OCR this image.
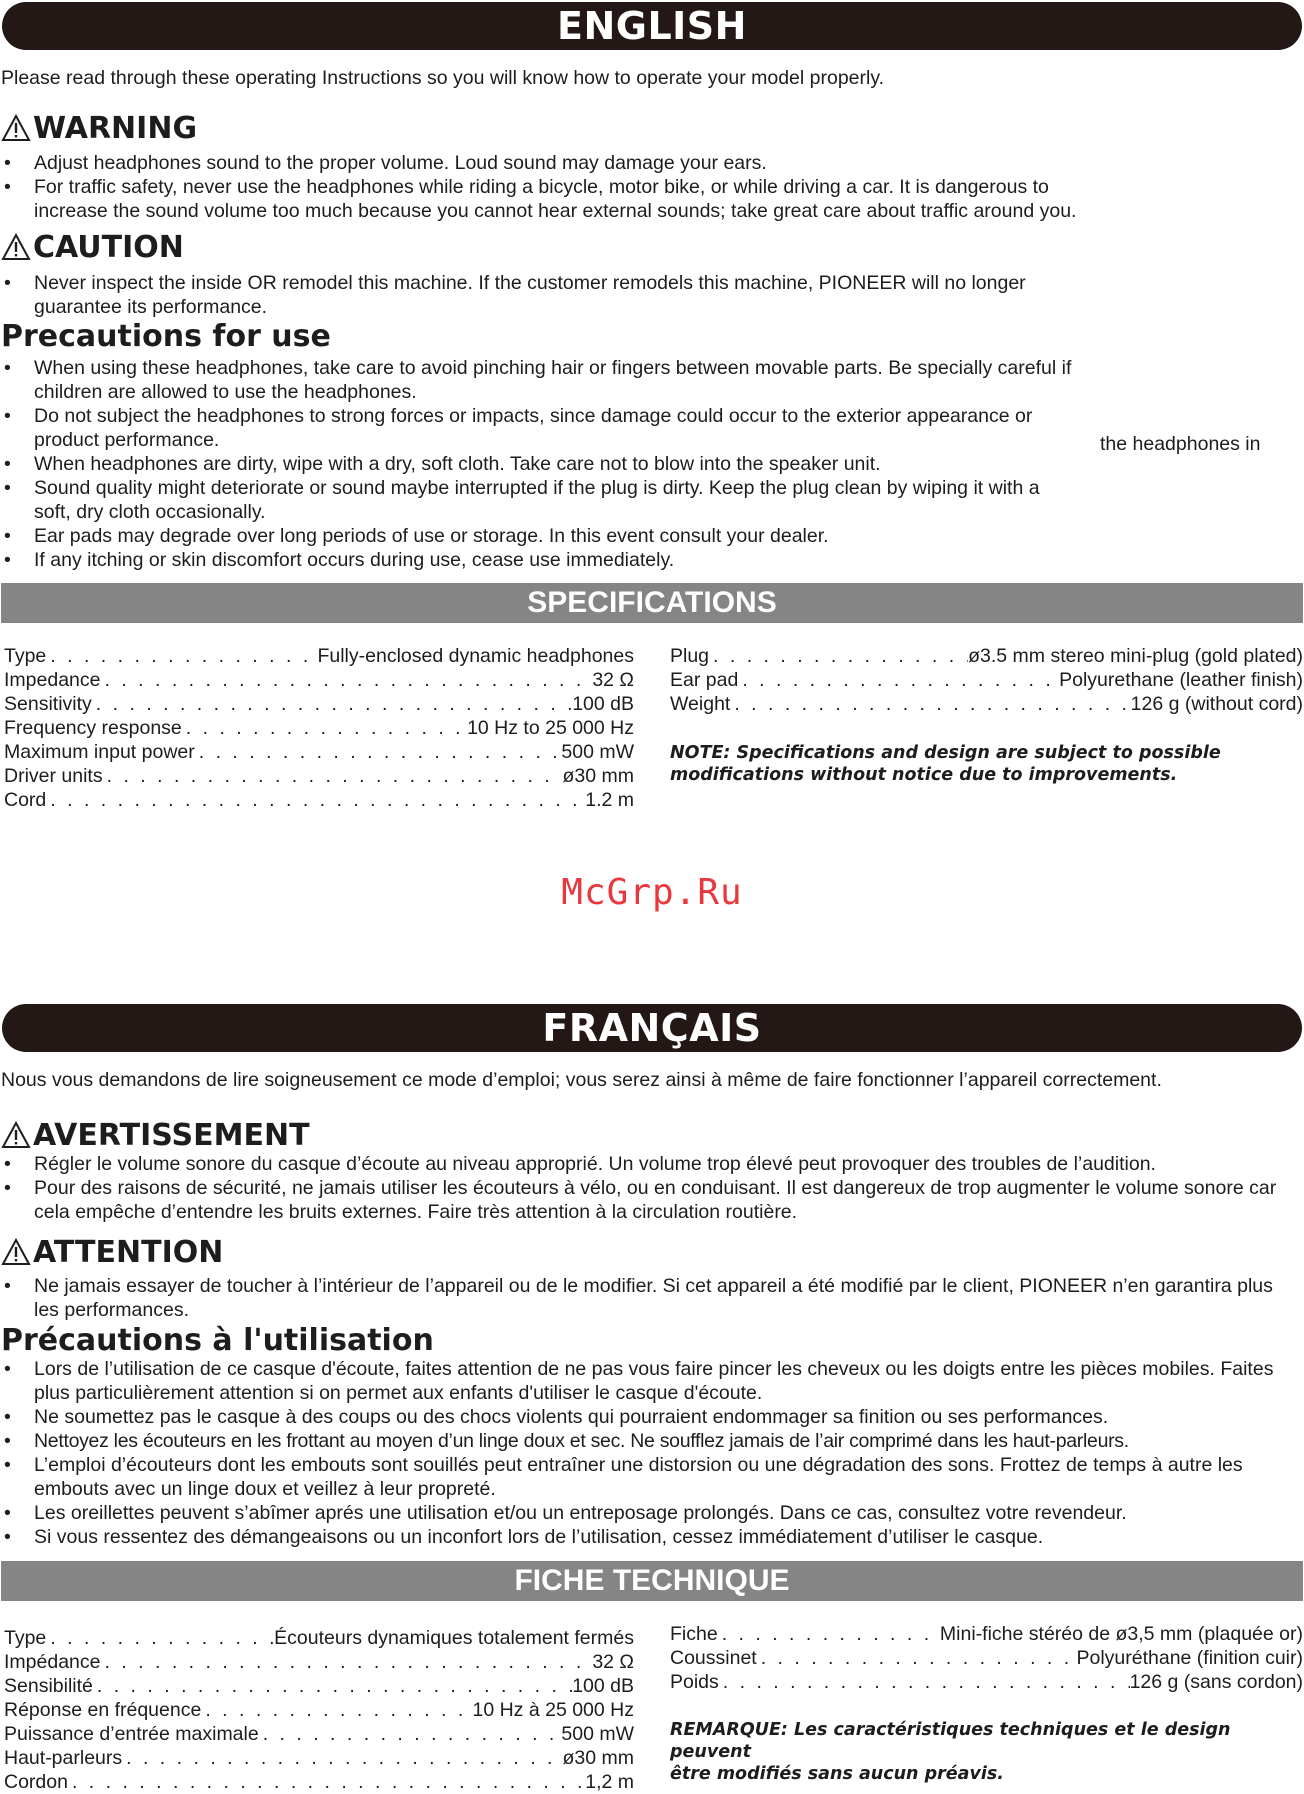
ENGLISH
Please read through these operating Instructions so you will know how to operate your model properly.
WARNING
• Adjust headphones sound to the proper volume. Loud sound may damage your ears.
• For traffic safety, never use the headphones while riding a bicycle, motor bike, or while driving a car. It is dangerous to increase the sound volume too much because you cannot hear external sounds; take great care about traffic around you.
CAUTION
• Never inspect the inside OR remodel this machine. If the customer remodels this machine, PIONEER will no longer guarantee its performance.
Precautions for use
• When using these headphones, take care to avoid pinching hair or fingers between movable parts. Be specially careful if children are allowed to use the headphones.
• Do not subject the headphones to strong forces or impacts, since damage could occur to the exterior appearance or product performance.
• When headphones are dirty, wipe with a dry, soft cloth. Take care not to blow into the speaker unit.
• Sound quality might deteriorate or sound maybe interrupted if the plug is dirty. Keep the plug clean by wiping it with a soft, dry cloth occasionally.
• Ear pads may degrade over long periods of use or storage. In this event consult your dealer.
• If any itching or skin discomfort occurs during use, cease use immediately.
the headphones in
SPECIFICATIONS
Type . . .	Fully-enclosed dynamic headphones
Impedance . . .	32 Ω
Sensitivity . . .	100 dB
Frequency response . . .	10 Hz to 25 000 Hz
Maximum input power . . .	500 mW
Driver units . . .	ø30 mm
Cord . . .	1.2 m
Plug . . .	ø3.5 mm stereo mini-plug (gold plated)
Ear pad . . .	Polyurethane (leather finish)
Weight . . .	126 g (without cord)
NOTE: Specifications and design are subject to possible
modifications without notice due to improvements.
McGrp.Ru
FRANÇAIS
Nous vous demandons de lire soigneusement ce mode d’emploi; vous serez ainsi à même de faire fonctionner l’appareil correctement.
AVERTISSEMENT
• Régler le volume sonore du casque d’écoute au niveau approprié. Un volume trop élevé peut provoquer des troubles de l’audition.
• Pour des raisons de sécurité, ne jamais utiliser les écouteurs à vélo, ou en conduisant. Il est dangereux de trop augmenter le volume sonore car cela empêche d’entendre les bruits externes. Faire très attention à la circulation routière.
ATTENTION
• Ne jamais essayer de toucher à l’intérieur de l’appareil ou de le modifier. Si cet appareil a été modifié par le client, PIONEER n’en garantira plus les performances.
Précautions à l'utilisation
• Lors de l’utilisation de ce casque d'écoute, faites attention de ne pas vous faire pincer les cheveux ou les doigts entre les pièces mobiles. Faites plus particulièrement attention si on permet aux enfants d'utiliser le casque d'écoute.
• Ne soumettez pas le casque à des coups ou des chocs violents qui pourraient endommager sa finition ou ses performances.
• Nettoyez les écouteurs en les frottant au moyen d’un linge doux et sec. Ne soufflez jamais de l’air comprimé dans les haut-parleurs.
• L’emploi d’écouteurs dont les embouts sont souillés peut entraîner une distorsion ou une dégradation des sons. Frottez de temps à autre les embouts avec un linge doux et veillez à leur propreté.
• Les oreillettes peuvent s’abîmer aprés une utilisation et/ou un entreposage prolongés. Dans ce cas, consultez votre revendeur.
• Si vous ressentez des démangeaisons ou un inconfort lors de l’utilisation, cessez immédiatement d’utiliser le casque.
FICHE TECHNIQUE
Type . . .	Écouteurs dynamiques totalement fermés
Impédance . . .	32 Ω
Sensibilité . . .	100 dB
Réponse en fréquence . . .	10 Hz à 25 000 Hz
Puissance d’entrée maximale . . .	500 mW
Haut-parleurs . . .	ø30 mm
Cordon . . .	1,2 m
Fiche . . .	Mini-fiche stéréo de ø3,5 mm (plaquée or)
Coussinet . . .	Polyuréthane (finition cuir)
Poids . . .	126 g (sans cordon)
REMARQUE: Les caractéristiques techniques et le design peuvent
être modifiés sans aucun préavis.
